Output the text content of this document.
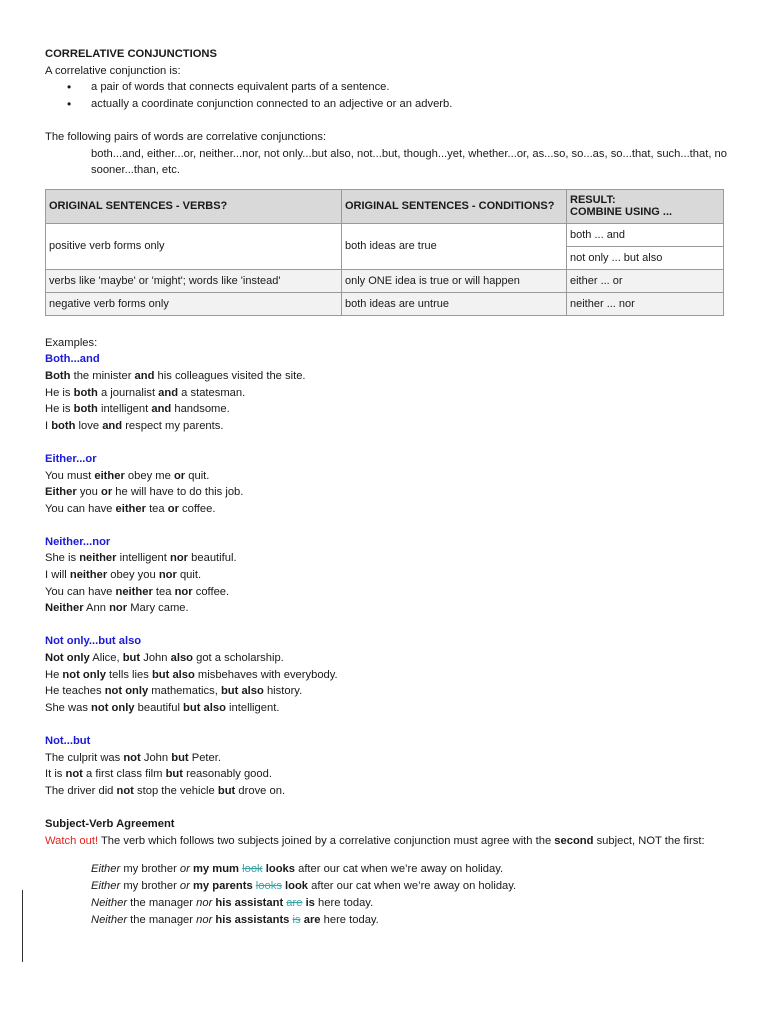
CORRELATIVE CONJUNCTIONS
A correlative conjunction is:
• a pair of words that connects equivalent parts of a sentence.
• actually a coordinate conjunction connected to an adjective or an adverb.
The following pairs of words are correlative conjunctions:
both...and, either...or, neither...nor, not only...but also, not...but, though...yet, whether...or, as...so, so...as, so...that, such...that, no sooner...than, etc.
ORIGINAL SENTENCES - VERBS?	ORIGINAL SENTENCES - CONDITIONS?	RESULT:
COMBINE USING ...

positive verb forms only	both ideas are true	both ... and
		not only ... but also
verbs like 'maybe' or 'might'; words like 'instead'	only ONE idea is true or will happen	either ... or
negative verb forms only	both ideas are untrue	neither ... nor
Examples:
Both...and
Both the minister and his colleagues visited the site.
He is both a journalist and a statesman.
He is both intelligent and handsome.
I both love and respect my parents.
Either...or
You must either obey me or quit.
Either you or he will have to do this job.
You can have either tea or coffee.
Neither...nor
She is neither intelligent nor beautiful.
I will neither obey you nor quit.
You can have neither tea nor coffee.
Neither Ann nor Mary came.
Not only...but also
Not only Alice, but John also got a scholarship.
He not only tells lies but also misbehaves with everybody.
He teaches not only mathematics, but also history.
She was not only beautiful but also intelligent.
Not...but
The culprit was not John but Peter.
It is not a first class film but reasonably good.
The driver did not stop the vehicle but drove on.
Subject-Verb Agreement
Watch out! The verb which follows two subjects joined by a correlative conjunction must agree with the second subject, NOT the first:
Either my brother or my mum look looks after our cat when we’re away on holiday.
Either my brother or my parents looks look after our cat when we’re away on holiday.
Neither the manager nor his assistant are is here today.
Neither the manager nor his assistants is are here today.
